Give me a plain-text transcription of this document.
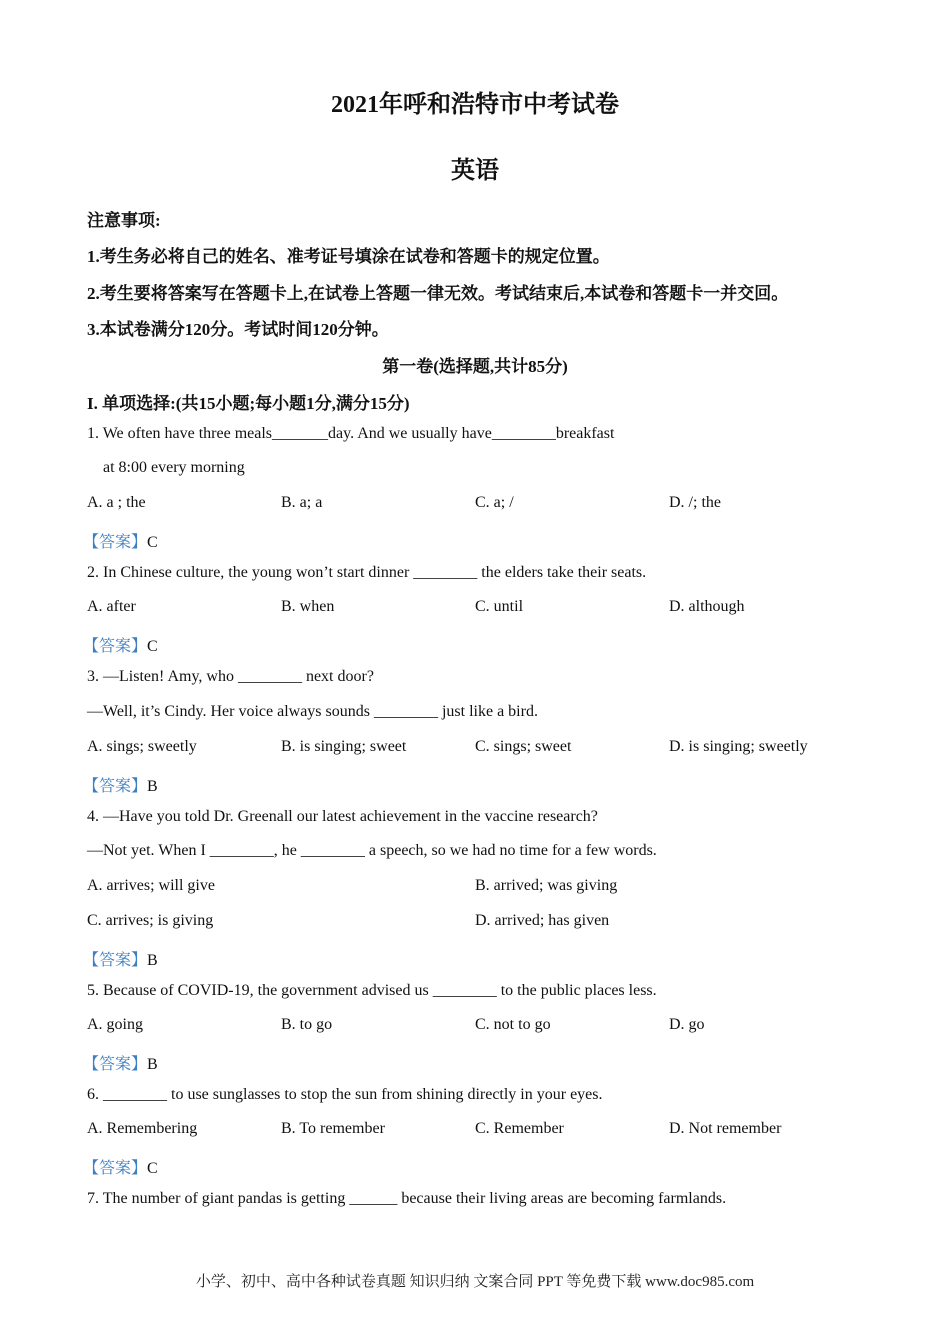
2021年呼和浩特市中考试卷
英语
注意事项:
1.考生务必将自己的姓名、准考证号填涂在试卷和答题卡的规定位置。
2.考生要将答案写在答题卡上,在试卷上答题一律无效。考试结束后,本试卷和答题卡一并交回。
3.本试卷满分120分。考试时间120分钟。
第一卷(选择题,共计85分)
I. 单项选择:(共15小题;每小题1分,满分15分)
1. We often have three meals_______day. And we usually have________breakfast
at 8:00 every morning
A. a ; the	B. a; a	C. a; /	D. /; the
【答案】C
2. In Chinese culture, the young won’t start dinner ________ the elders take their seats.
A. after	B. when	C. until	D. although
【答案】C
3. —Listen! Amy, who ________ next door?
—Well, it’s Cindy. Her voice always sounds ________ just like a bird.
A. sings; sweetly	B. is singing; sweet	C. sings; sweet	D. is singing; sweetly
【答案】B
4. —Have you told Dr. Greenall our latest achievement in the vaccine research?
—Not yet. When I ________, he ________ a speech, so we had no time for a few words.
A. arrives; will give	B. arrived; was giving
C. arrives; is giving	D. arrived; has given
【答案】B
5. Because of COVID-19, the government advised us ________ to the public places less.
A. going	B. to go	C. not to go	D. go
【答案】B
6. ________ to use sunglasses to stop the sun from shining directly in your eyes.
A. Remembering	B. To remember	C. Remember	D. Not remember
【答案】C
7. The number of giant pandas is getting ______ because their living areas are becoming farmlands.
小学、初中、高中各种试卷真题 知识归纳 文案合同 PPT 等免费下载 www.doc985.com
